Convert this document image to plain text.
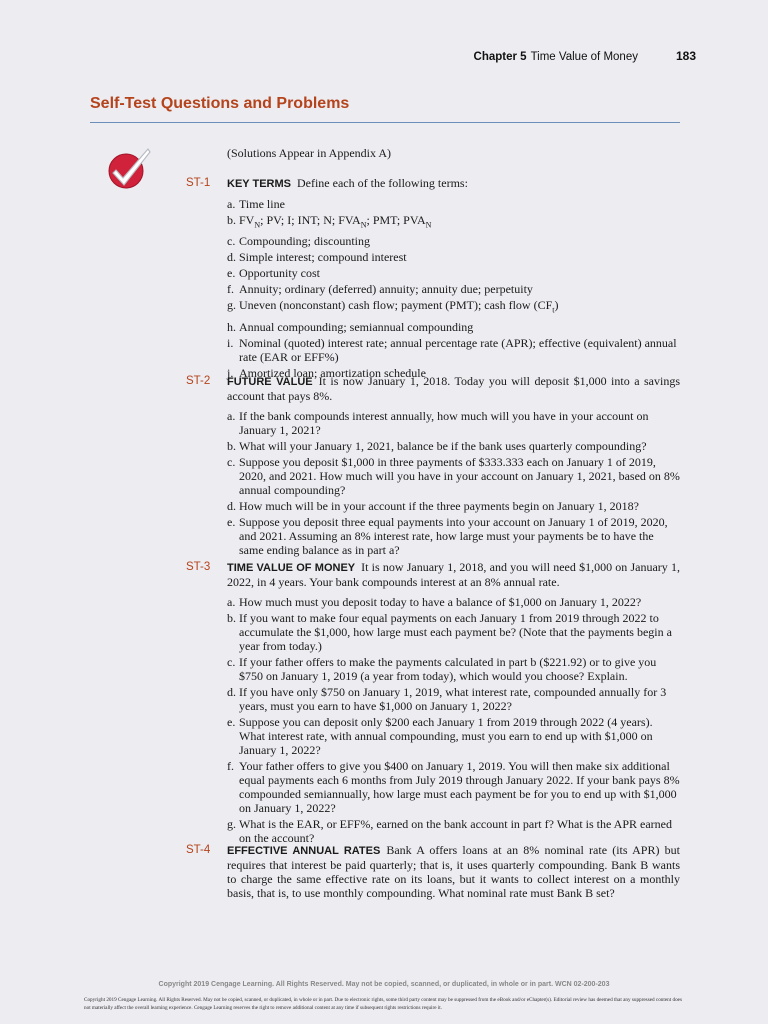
Chapter 5 Time Value of Money	183
Self-Test Questions and Problems
(Solutions Appear in Appendix A)
ST-1	KEY TERMS Define each of the following terms:
a. Time line
b. $FV_N$; PV; I; INT; N; $FVA_N$; PMT; $PVA_N$
c. Compounding; discounting
d. Simple interest; compound interest
e. Opportunity cost
f. Annuity; ordinary (deferred) annuity; annuity due; perpetuity
g. Uneven (nonconstant) cash flow; payment (PMT); cash flow $(CF_t)$
h. Annual compounding; semiannual compounding
i. Nominal (quoted) interest rate; annual percentage rate (APR); effective (equivalent) annual rate (EAR or EFF%)
j. Amortized loan; amortization schedule
ST-2	FUTURE VALUE It is now January 1, 2018. Today you will deposit $1,000 into a savings account that pays 8%.
a. If the bank compounds interest annually, how much will you have in your account on January 1, 2021?
b. What will your January 1, 2021, balance be if the bank uses quarterly compounding?
c. Suppose you deposit $1,000 in three payments of $333.333 each on January 1 of 2019, 2020, and 2021. How much will you have in your account on January 1, 2021, based on 8% annual compounding?
d. How much will be in your account if the three payments begin on January 1, 2018?
e. Suppose you deposit three equal payments into your account on January 1 of 2019, 2020, and 2021. Assuming an 8% interest rate, how large must your payments be to have the same ending balance as in part a?
ST-3	TIME VALUE OF MONEY It is now January 1, 2018, and you will need $1,000 on January 1, 2022, in 4 years. Your bank compounds interest at an 8% annual rate.
a. How much must you deposit today to have a balance of $1,000 on January 1, 2022?
b. If you want to make four equal payments on each January 1 from 2019 through 2022 to accumulate the $1,000, how large must each payment be? (Note that the payments begin a year from today.)
c. If your father offers to make the payments calculated in part b ($221.92) or to give you $750 on January 1, 2019 (a year from today), which would you choose? Explain.
d. If you have only $750 on January 1, 2019, what interest rate, compounded annually for 3 years, must you earn to have $1,000 on January 1, 2022?
e. Suppose you can deposit only $200 each January 1 from 2019 through 2022 (4 years). What interest rate, with annual compounding, must you earn to end up with $1,000 on January 1, 2022?
f. Your father offers to give you $400 on January 1, 2019. You will then make six additional equal payments each 6 months from July 2019 through January 2022. If your bank pays 8% compounded semiannually, how large must each payment be for you to end up with $1,000 on January 1, 2022?
g. What is the EAR, or EFF%, earned on the bank account in part f? What is the APR earned on the account?
ST-4	EFFECTIVE ANNUAL RATES Bank A offers loans at an 8% nominal rate (its APR) but requires that interest be paid quarterly; that is, it uses quarterly compounding. Bank B wants to charge the same effective rate on its loans, but it wants to collect interest on a monthly basis, that is, to use monthly compounding. What nominal rate must Bank B set?
Copyright 2019 Cengage Learning. All Rights Reserved. May not be copied, scanned, or duplicated, in whole or in part. WCN 02-200-203
Copyright 2019 Cengage Learning. All Rights Reserved. May not be copied, scanned, or duplicated, in whole or in part. Due to electronic rights, some third party content may be suppressed from the eBook and/or eChapter(s). Editorial review has deemed that any suppressed content does not materially affect the overall learning experience. Cengage Learning reserves the right to remove additional content at any time if subsequent rights restrictions require it.
